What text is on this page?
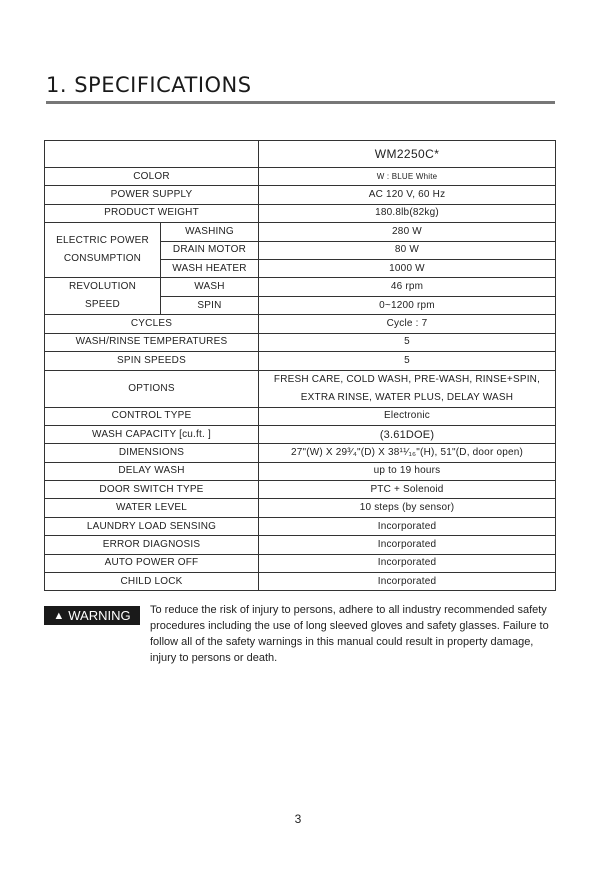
1. SPECIFICATIONS
		WM2250C*
COLOR		W : BLUE White
POWER SUPPLY		AC 120 V, 60 Hz
PRODUCT WEIGHT		180.8lb(82kg)
ELECTRIC POWER CONSUMPTION	WASHING	280 W
	DRAIN MOTOR	80 W
	WASH HEATER	1000 W
REVOLUTION SPEED	WASH	46 rpm
	SPIN	0~1200 rpm
CYCLES		Cycle : 7
WASH/RINSE TEMPERATURES		5
SPIN SPEEDS		5
OPTIONS		FRESH CARE, COLD WASH, PRE-WASH, RINSE+SPIN,
EXTRA RINSE, WATER PLUS, DELAY WASH

CONTROL TYPE		Electronic
WASH CAPACITY [cu.ft. ]		(3.61DOE)
DIMENSIONS		27"(W) X 29³⁄₄"(D) X 38¹¹⁄₁₆"(H), 51"(D, door open)
DELAY WASH		up to 19 hours
DOOR SWITCH TYPE		PTC + Solenoid
WATER LEVEL		10 steps (by sensor)
LAUNDRY LOAD SENSING		Incorporated
ERROR DIAGNOSIS		Incorporated
AUTO POWER OFF		Incorporated
CHILD LOCK		Incorporated
▲ WARNING To reduce the risk of injury to persons, adhere to all industry recommended safety procedures including the use of long sleeved gloves and safety glasses. Failure to follow all of the safety warnings in this manual could result in property damage, injury to persons or death.
3
